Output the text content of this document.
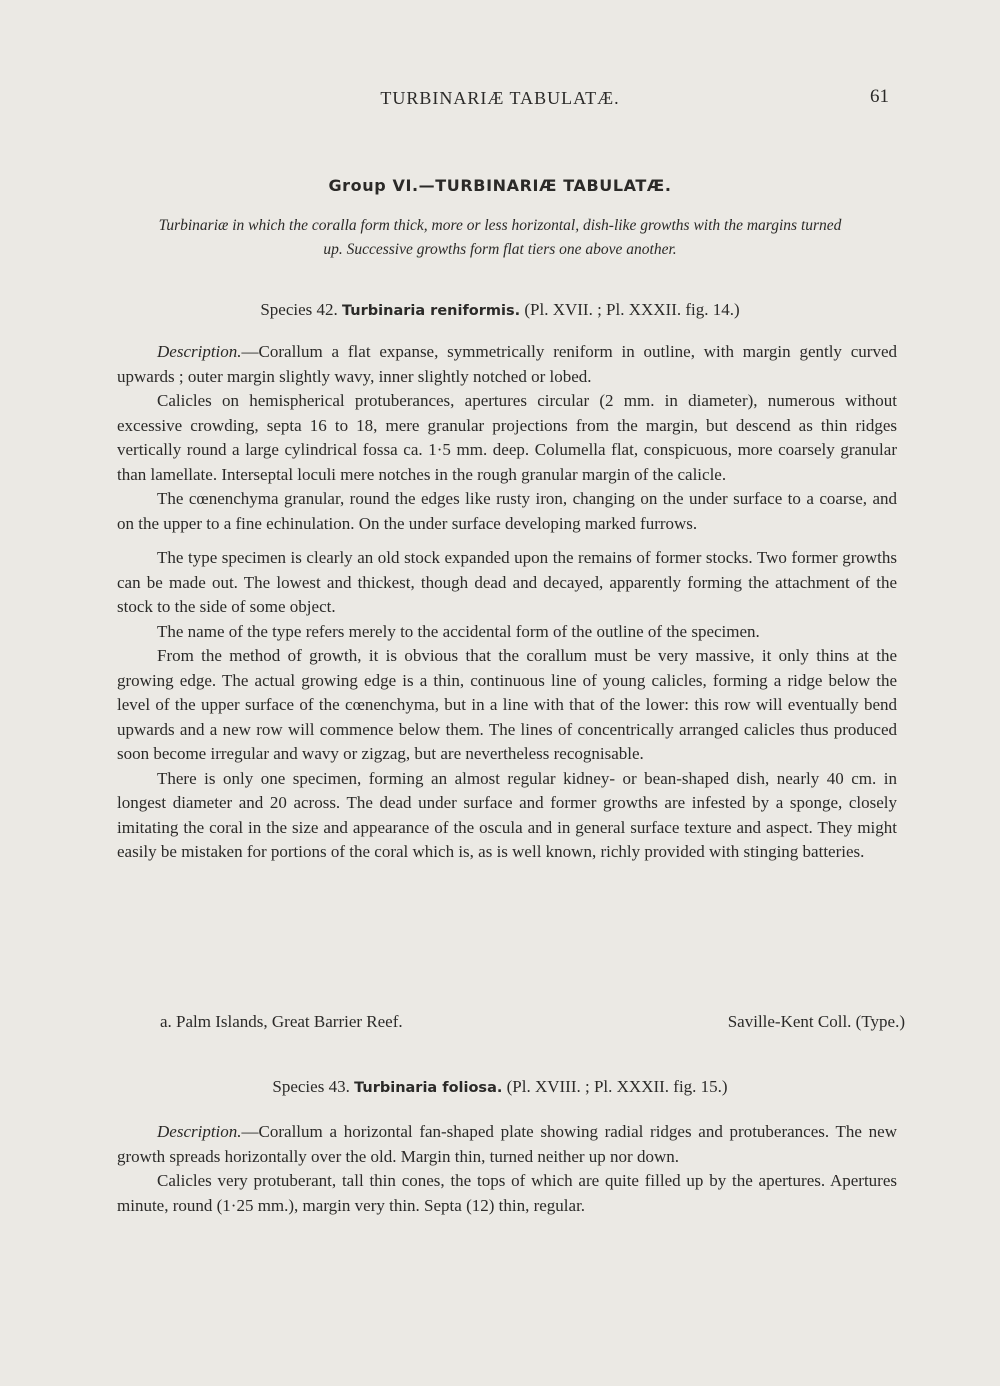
TURBINARIÆ TABULATÆ.	61
Group VI.—TURBINARIÆ TABULATÆ.
Turbinariæ in which the coralla form thick, more or less horizontal, dish-like growths with the margins turned up. Successive growths form flat tiers one above another.
Species 42. Turbinaria reniformis. (Pl. XVII. ; Pl. XXXII. fig. 14.)

Description.—Corallum a flat expanse, symmetrically reniform in outline, with margin gently curved upwards ; outer margin slightly wavy, inner slightly notched or lobed.

Calicles on hemispherical protuberances, apertures circular (2 mm. in diameter), numerous without excessive crowding, septa 16 to 18, mere granular projections from the margin, but descend as thin ridges vertically round a large cylindrical fossa ca. 1·5 mm. deep. Columella flat, conspicuous, more coarsely granular than lamellate. Interseptal loculi mere notches in the rough granular margin of the calicle.

The cœnenchyma granular, round the edges like rusty iron, changing on the under surface to a coarse, and on the upper to a fine echinulation. On the under surface developing marked furrows.

The type specimen is clearly an old stock expanded upon the remains of former stocks. Two former growths can be made out. The lowest and thickest, though dead and decayed, apparently forming the attachment of the stock to the side of some object.

The name of the type refers merely to the accidental form of the outline of the specimen.

From the method of growth, it is obvious that the corallum must be very massive, it only thins at the growing edge. The actual growing edge is a thin, continuous line of young calicles, forming a ridge below the level of the upper surface of the cœnenchyma, but in a line with that of the lower: this row will eventually bend upwards and a new row will commence below them. The lines of concentrically arranged calicles thus produced soon become irregular and wavy or zigzag, but are nevertheless recognisable.

There is only one specimen, forming an almost regular kidney- or bean-shaped dish, nearly 40 cm. in longest diameter and 20 across. The dead under surface and former growths are infested by a sponge, closely imitating the coral in the size and appearance of the oscula and in general surface texture and aspect. They might easily be mistaken for portions of the coral which is, as is well known, richly provided with stinging batteries.

a. Palm Islands, Great Barrier Reef.	Saville-Kent Coll. (Type.)
Species 43. Turbinaria foliosa. (Pl. XVIII. ; Pl. XXXII. fig. 15.)

Description.—Corallum a horizontal fan-shaped plate showing radial ridges and protuberances. The new growth spreads horizontally over the old. Margin thin, turned neither up nor down.

Calicles very protuberant, tall thin cones, the tops of which are quite filled up by the apertures. Apertures minute, round (1·25 mm.), margin very thin. Septa (12) thin, regular.
